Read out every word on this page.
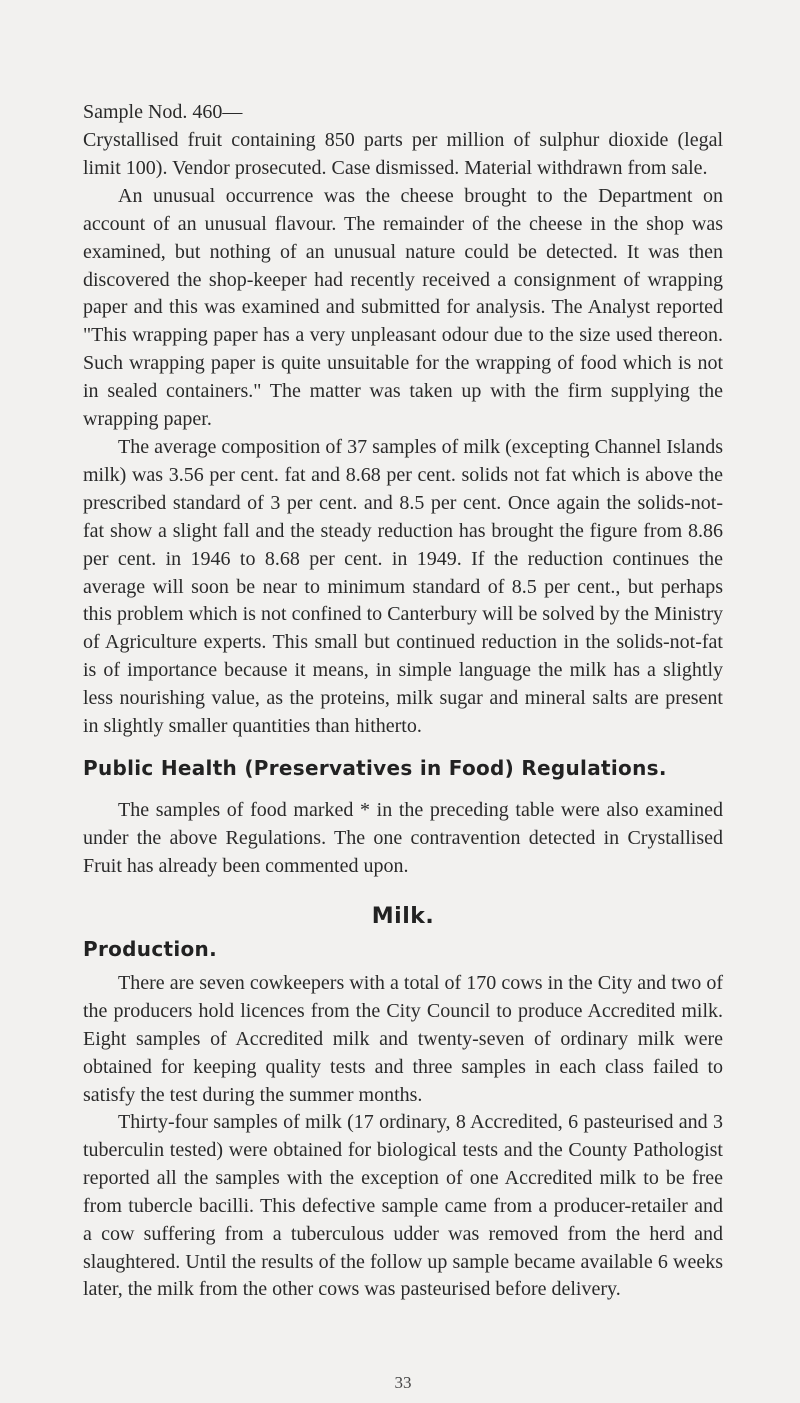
Sample Nod. 460—

Crystallised fruit containing 850 parts per million of sulphur dioxide (legal limit 100). Vendor prosecuted. Case dismissed. Material withdrawn from sale.

An unusual occurrence was the cheese brought to the Department on account of an unusual flavour. The remainder of the cheese in the shop was examined, but nothing of an unusual nature could be detected. It was then discovered the shop-keeper had recently received a consignment of wrapping paper and this was examined and submitted for analysis. The Analyst reported "This wrapping paper has a very unpleasant odour due to the size used thereon. Such wrapping paper is quite unsuitable for the wrapping of food which is not in sealed containers." The matter was taken up with the firm supplying the wrapping paper.

The average composition of 37 samples of milk (excepting Channel Islands milk) was 3.56 per cent. fat and 8.68 per cent. solids not fat which is above the prescribed standard of 3 per cent. and 8.5 per cent. Once again the solids-not-fat show a slight fall and the steady reduction has brought the figure from 8.86 per cent. in 1946 to 8.68 per cent. in 1949. If the reduction continues the average will soon be near to minimum standard of 8.5 per cent., but perhaps this problem which is not confined to Canterbury will be solved by the Ministry of Agriculture experts. This small but continued reduction in the solids-not-fat is of importance because it means, in simple language the milk has a slightly less nourishing value, as the proteins, milk sugar and mineral salts are present in slightly smaller quantities than hitherto.

Public Health (Preservatives in Food) Regulations.

The samples of food marked * in the preceding table were also examined under the above Regulations. The one contravention detected in Crystallised Fruit has already been commented upon.

Milk.
Production.

There are seven cowkeepers with a total of 170 cows in the City and two of the producers hold licences from the City Council to produce Accredited milk. Eight samples of Accredited milk and twenty-seven of ordinary milk were obtained for keeping quality tests and three samples in each class failed to satisfy the test during the summer months.

Thirty-four samples of milk (17 ordinary, 8 Accredited, 6 pasteurised and 3 tuberculin tested) were obtained for biological tests and the County Pathologist reported all the samples with the exception of one Accredited milk to be free from tubercle bacilli. This defective sample came from a producer-retailer and a cow suffering from a tuberculous udder was removed from the herd and slaughtered. Until the results of the follow up sample became available 6 weeks later, the milk from the other cows was pasteurised before delivery.

33
